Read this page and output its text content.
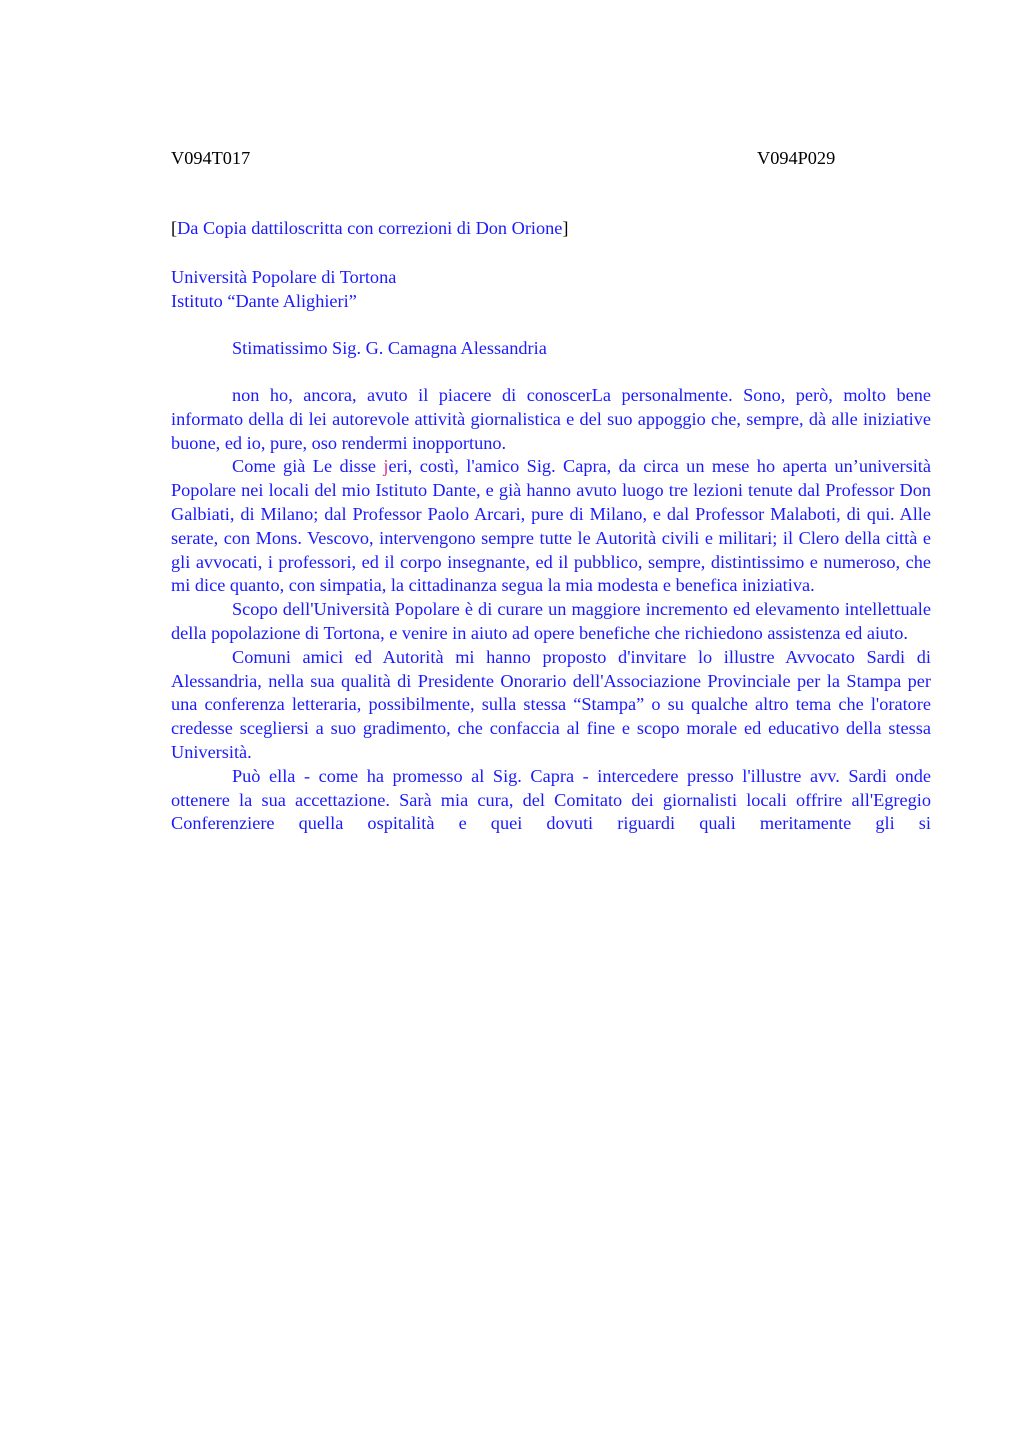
V094T017	V094P029

[Da Copia dattiloscritta con correzioni di Don Orione]

Università Popolare di Tortona

Istituto “Dante Alighieri”

Stimatissimo Sig. G. Camagna Alessandria

non ho, ancora, avuto il piacere di conoscerLa personalmente. Sono, però, molto bene informato della di lei autorevole attività giornalistica e del suo appoggio che, sempre, dà alle iniziative buone, ed io, pure, oso rendermi inopportuno.

Come già Le disse jeri, costì, l'amico Sig. Capra, da circa un mese ho aperta un’università Popolare nei locali del mio Istituto Dante, e già hanno avuto luogo tre lezioni tenute dal Professor Don Galbiati, di Milano; dal Professor Paolo Arcari, pure di Milano, e dal Professor Malaboti, di qui. Alle serate, con Mons. Vescovo, intervengono sempre tutte le Autorità civili e militari; il Clero della città e gli avvocati, i professori, ed il corpo insegnante, ed il pubblico, sempre, distintissimo e numeroso, che mi dice quanto, con simpatia, la cittadinanza segua la mia modesta e benefica iniziativa.

Scopo dell'Università Popolare è di curare un maggiore incremento ed elevamento intellettuale della popolazione di Tortona, e venire in aiuto ad opere benefiche che richiedono assistenza ed aiuto.

Comuni amici ed Autorità mi hanno proposto d'invitare lo illustre Avvocato Sardi di Alessandria, nella sua qualità di Presidente Onorario dell'Associazione Provinciale per la Stampa per una conferenza letteraria, possibilmente, sulla stessa “Stampa” o su qualche altro tema che l'oratore credesse scegliersi a suo gradimento, che confaccia al fine e scopo morale ed educativo della stessa Università.

Può ella - come ha promesso al Sig. Capra - intercedere presso l'illustre avv. Sardi onde ottenere la sua accettazione. Sarà mia cura, del Comitato dei giornalisti locali offrire all'Egregio Conferenziere quella ospitalità e quei dovuti riguardi quali meritamente gli si
